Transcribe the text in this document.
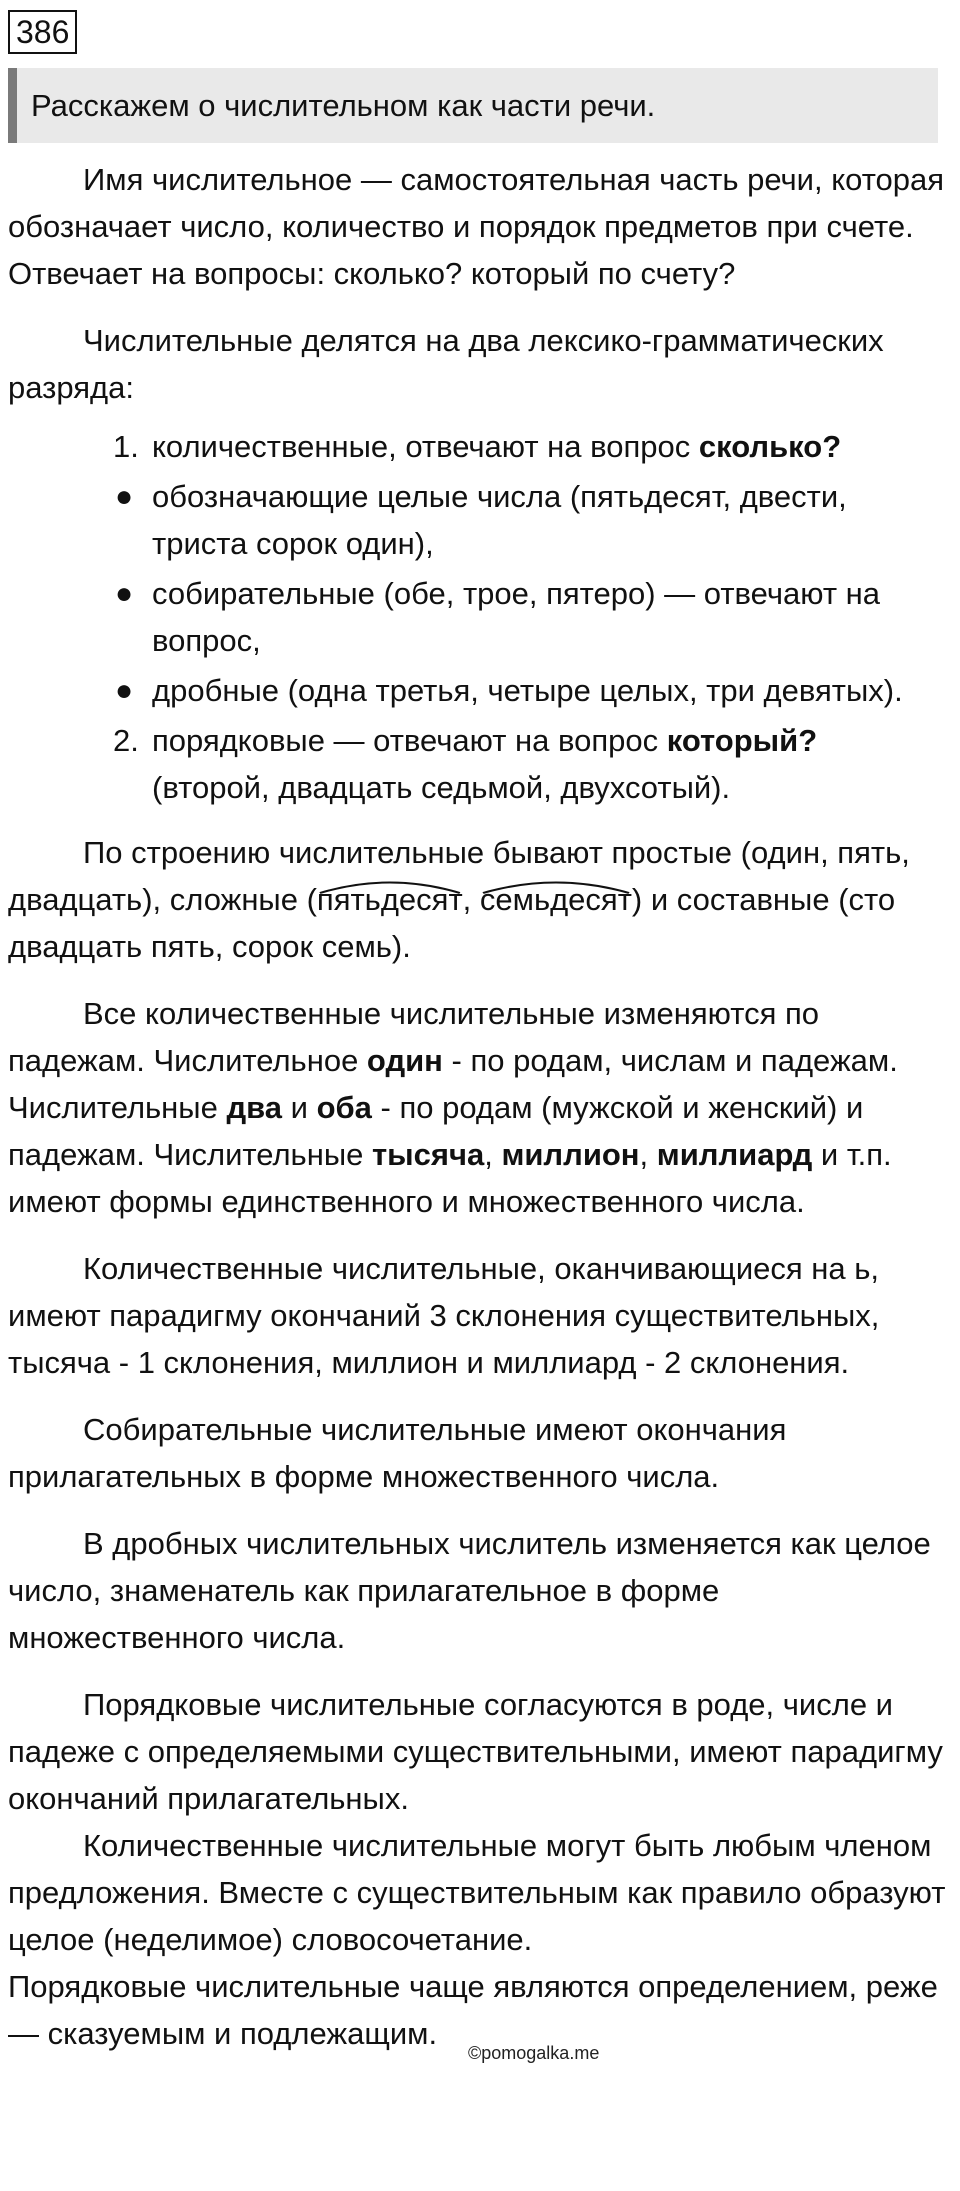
386
Расскажем о числительном как части речи.

Имя числительное — самостоятельная часть речи, которая обозначает число, количество и порядок предметов при счете. Отвечает на вопросы: сколько? который по счету?

Числительные делятся на два лексико-грамматических разряда:

1. количественные, отвечают на вопрос сколько?
● обозначающие целые числа (пятьдесят, двести, триста сорок один),
● собирательные (обе, трое, пятеро) — отвечают на вопрос,
● дробные (одна третья, четыре целых, три девятых).
2. порядковые — отвечают на вопрос который?
(второй, двадцать седьмой, двухсотый).

По строению числительные бывают простые (один, пять, двадцать), сложные (
пятьдесят,
семьдесят) и составные (сто двадцать пять, сорок семь).

Все количественные числительные изменяются по падежам. Числительное один - по родам, числам и падежам. Числительные два и оба - по родам (мужской и женский) и падежам. Числительные тысяча, миллион, миллиард и т.п. имеют формы единственного и множественного числа.

Количественные числительные, оканчивающиеся на ь, имеют парадигму окончаний 3 склонения существительных, тысяча - 1 склонения, миллион и миллиард - 2 склонения.

Собирательные числительные имеют окончания прилагательных в форме множественного числа.

В дробных числительных числитель изменяется как целое число, знаменатель как прилагательное в форме множественного числа.

Порядковые числительные согласуются в роде, числе и падеже с определяемыми существительными, имеют парадигму окончаний прилагательных.

Количественные числительные могут быть любым членом предложения. Вместе с существительным как правило образуют целое (неделимое) словосочетание.

Порядковые числительные чаще являются определением, реже — сказуемым и подлежащим.

©pomogalka.me
